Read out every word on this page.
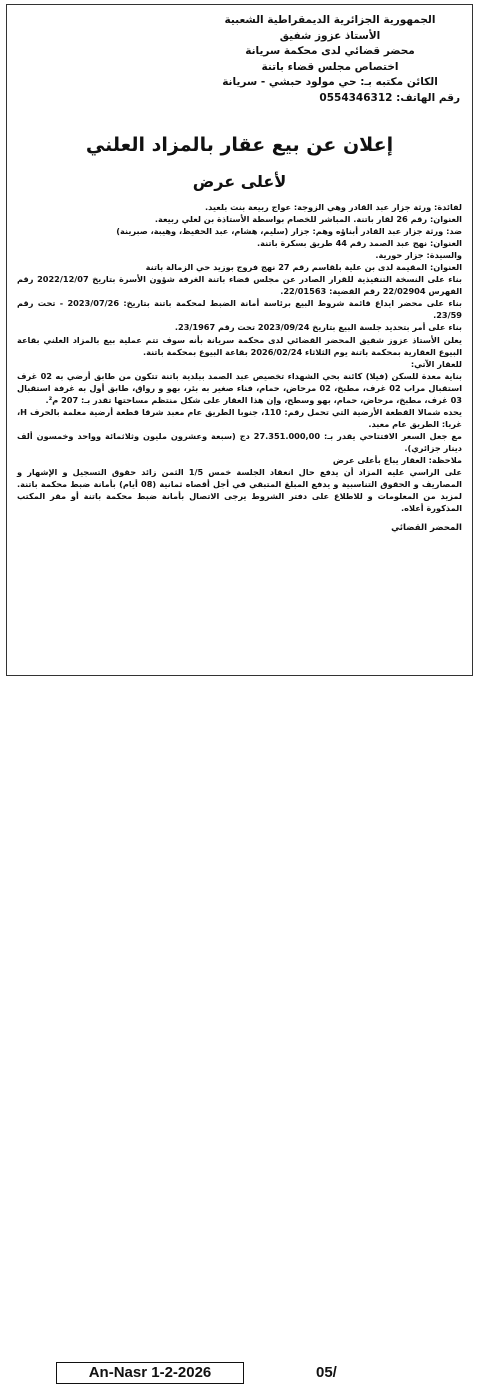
الجمهورية الجزائرية الديمقراطية الشعبية
الأستاذ عزوز شفيق
محضر قضائي لدى محكمة سريانة
اختصاص مجلس قضاء باتنة
الكائن مكتبه بـ: حي مولود حبشي - سريانة
رقم الهاتف: 0554346312
إعلان عن بيع عقار بالمزاد العلني
لأعلى عرض

لفائدة: ورثة جزار عبد القادر وهي الزوجة: عواج ربيعة بنت بلعيد.

العنوان: رقم 26 لقار باتنة. المباشر للخصام بواسطة الأستاذة بن لعلي ربيعة.

ضد: ورثة جزار عبد القادر أبناؤه وهم: جزار (سليم، هشام، عبد الحفيظ، وهيبة، صبرينة)

العنوان: نهج عبد الصمد رقم 44 طريق بسكرة باتنة.

والسيدة: جزار حورية.

العنوان: المقيمة لدى بن علية بلقاسم رقم 27 نهج فروج بوزيد حي الزمالة باتنة

بناء على النسخة التنفيذية للقرار الصادر عن مجلس قضاء باتنة الغرفة شؤون الأسرة بتاريخ 2022/12/07 رقم الفهرس 22/02904 رقم القضية: 22/01563.

بناء على محضر ايداع قائمة شروط البيع برئاسة أمانة الضبط لمحكمة باتنة بتاريخ: 2023/07/26 - تحت رقم 23/59.

بناء على أمر بتحديد جلسة البيع بتاريخ 2023/09/24 تحت رقم 23/1967.

يعلن الأستاذ عزوز شفيق المحضر القضائي لدى محكمة سريانة بأنه سوف تتم عملية بيع بالمزاد العلني بقاعة البيوع العقارية بمحكمة باتنة يوم الثلاثاء 2026/02/24 بقاعة البيوع بمحكمة باتنة.

للعقار الآتي:

بناية معدة للسكن (فيلا) كائنة بحي الشهداء تخصيص عبد الصمد ببلدية باتنة تتكون من طابق أرضي به 02 غرف استقبال مراب 02 غرف، مطبخ، 02 مرحاض، حمام، فناء صغير به بئر، بهو و رواق، طابق أول به غرفة استقبال 03 غرف، مطبخ، مرحاض، حمام، بهو وسطح، وإن هذا العقار على شكل منتظم مساحتها تقدر بـ: 207 م².

يحده شمالا القطعة الأرضية التي تحمل رقم: 110، جنوبا الطريق عام معبد شرقا قطعة أرضية معلمة بالحرف H، غربا: الطريق عام معبد.

مع جعل السعر الافتتاحي يقدر بـ: 27.351.000,00 دج (سبعة وعشرون مليون وثلاثمائة وواحد وخمسون ألف دينار جزائري).

ملاحظة: العقار يباع بأعلى عرض

على الراسي عليه المزاد أن يدفع حال انعقاد الجلسة خمس 1/5 الثمن زائد حقوق التسجيل و الإشهار و المصاريف و الحقوق التناسبية و يدفع المبلغ المتبقي في أجل أقصاه ثمانية (08 أيام) بأمانة ضبط محكمة باتنة. لمزيد من المعلومات و للاطلاع على دفتر الشروط يرجى الاتصال بأمانة ضبط محكمة باتنة أو مقر المكتب المذكورة أعلاه.

المحضر القضائي
An-Nasr 1-2-2026	05/
